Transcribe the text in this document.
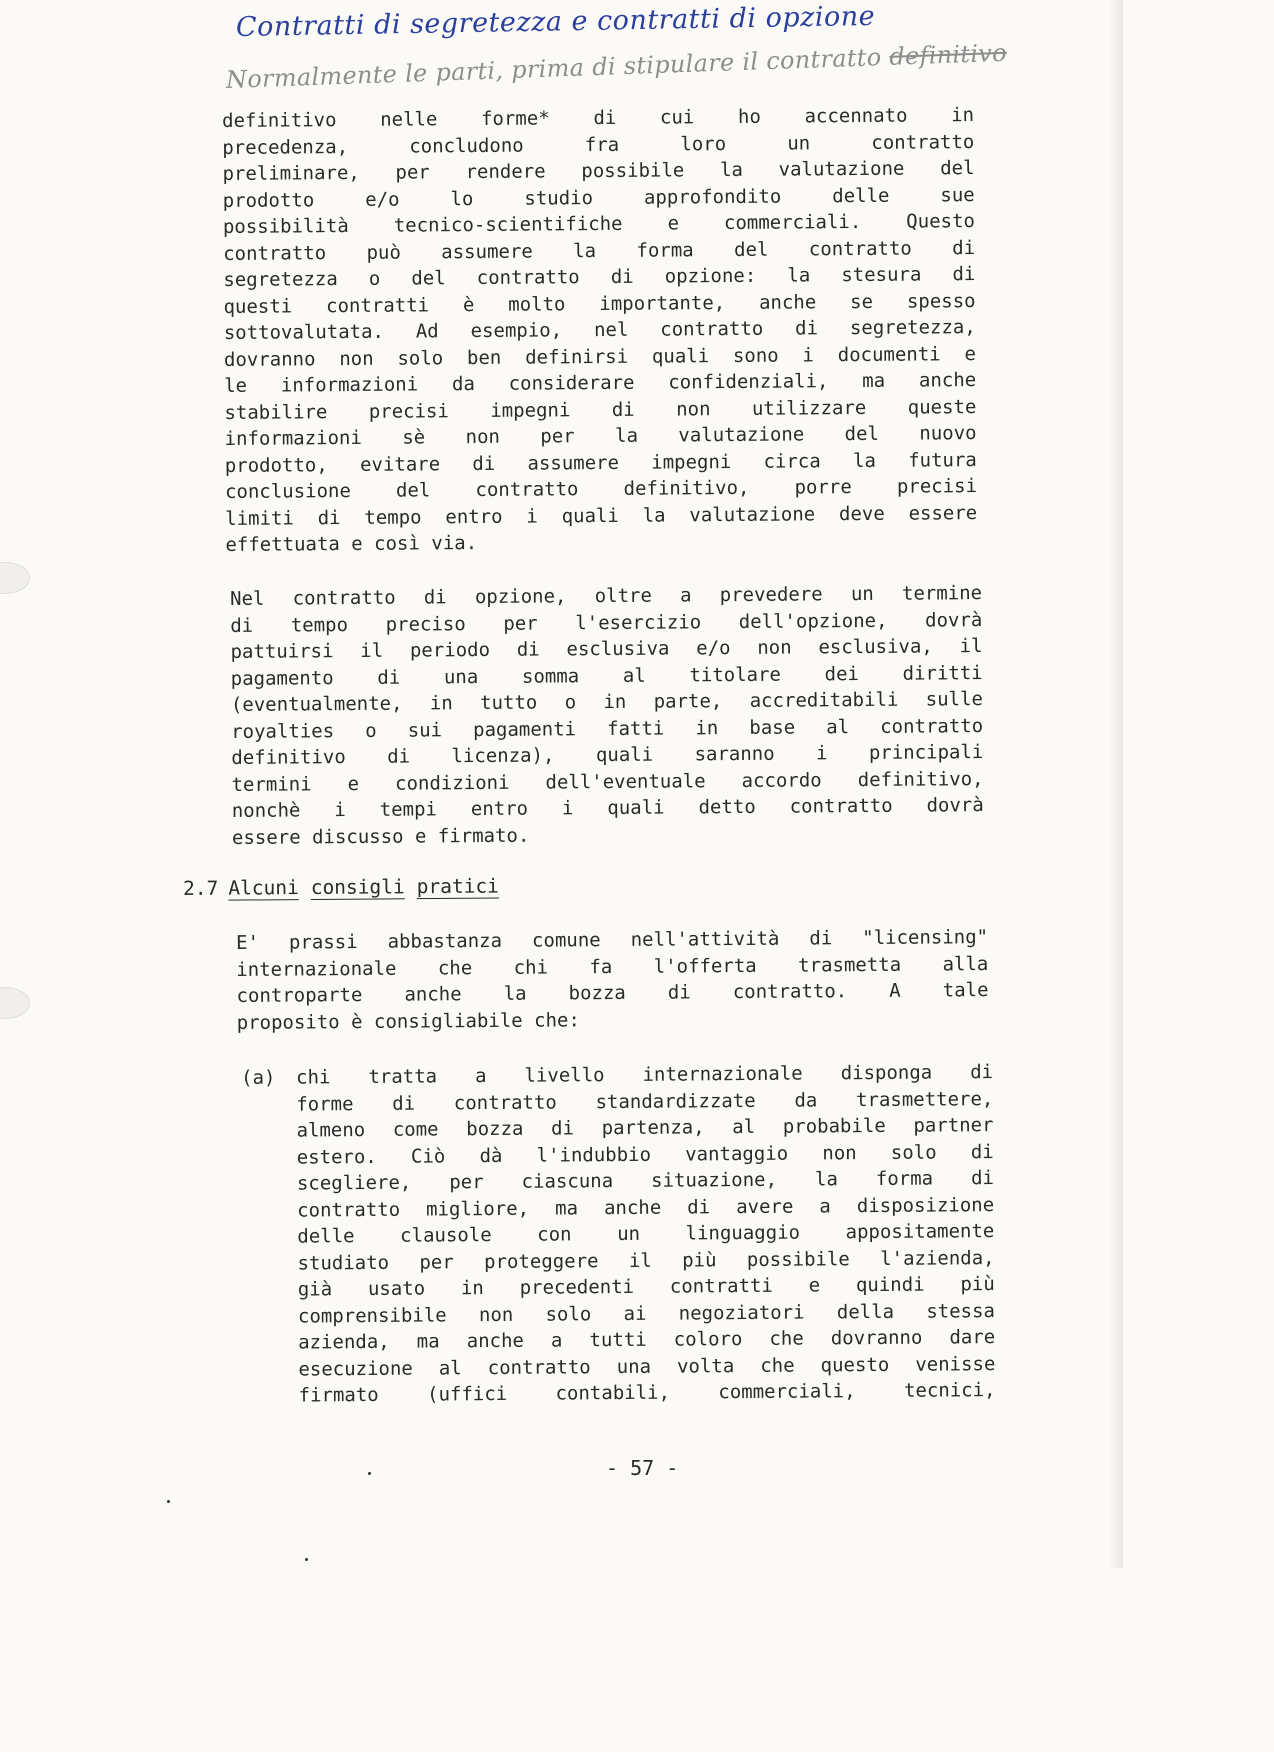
Contratti di segretezza e contratti di opzione
Normalmente le parti, prima di stipulare il contratto definitivo
definitivo nelle forme* di cui ho accennato in
precedenza, concludono fra loro un contratto
preliminare, per rendere possibile la valutazione del
prodotto e/o lo studio approfondito delle sue
possibilità tecnico-scientifiche e commerciali. Questo
contratto può assumere la forma del contratto di
segretezza o del contratto di opzione: la stesura di
questi contratti è molto importante, anche se spesso
sottovalutata. Ad esempio, nel contratto di segretezza,
dovranno non solo ben definirsi quali sono i documenti e
le informazioni da considerare confidenziali, ma anche
stabilire precisi impegni di non utilizzare queste
informazioni sè non per la valutazione del nuovo
prodotto, evitare di assumere impegni circa la futura
conclusione del contratto definitivo, porre precisi
limiti di tempo entro i quali la valutazione deve essere
effettuata e così via.
Nel contratto di opzione, oltre a prevedere un termine
di tempo preciso per l'esercizio dell'opzione, dovrà
pattuirsi il periodo di esclusiva e/o non esclusiva, il
pagamento di una somma al titolare dei diritti
(eventualmente, in tutto o in parte, accreditabili sulle
royalties o sui pagamenti fatti in base al contratto
definitivo di licenza), quali saranno i principali
termini e condizioni dell'eventuale accordo definitivo,
nonchè i tempi entro i quali detto contratto dovrà
essere discusso e firmato.
2.7 Alcuni consigli pratici
E' prassi abbastanza comune nell'attività di "licensing"
internazionale che chi fa l'offerta trasmetta alla
controparte anche la bozza di contratto. A tale
proposito è consigliabile che:
(a) chi tratta a livello internazionale disponga di
forme di contratto standardizzate da trasmettere,
almeno come bozza di partenza, al probabile partner
estero. Ciò dà l'indubbio vantaggio non solo di
scegliere, per ciascuna situazione, la forma di
contratto migliore, ma anche di avere a disposizione
delle clausole con un linguaggio appositamente
studiato per proteggere il più possibile l'azienda,
già usato in precedenti contratti e quindi più
comprensibile non solo ai negoziatori della stessa
azienda, ma anche a tutti coloro che dovranno dare
esecuzione al contratto una volta che questo venisse
firmato (uffici contabili, commerciali, tecnici,
- 57 -
